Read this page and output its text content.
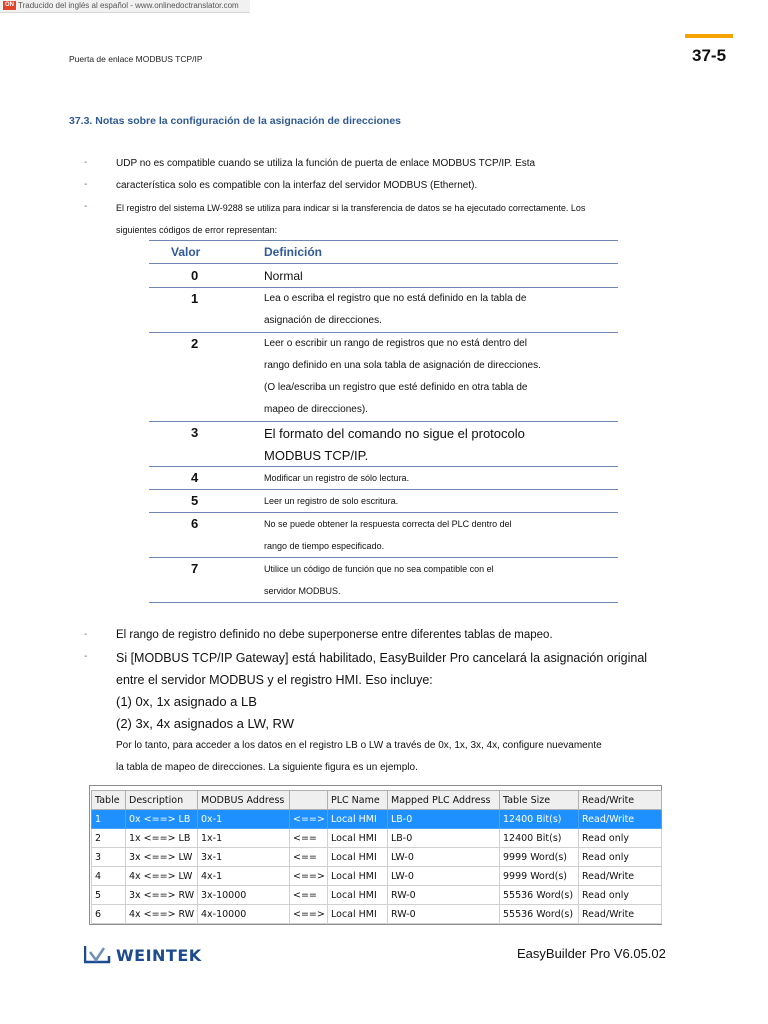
ON Traducido del inglés al español - www.onlinedoctranslator.com
Puerta de enlace MODBUS TCP/IP	37-5
37.3. Notas sobre la configuración de la asignación de direcciones
-	UDP no es compatible cuando se utiliza la función de puerta de enlace MODBUS TCP/IP. Esta
-	característica solo es compatible con la interfaz del servidor MODBUS (Ethernet).
-	El registro del sistema LW-9288 se utiliza para indicar si la transferencia de datos se ha ejecutado correctamente. Los
siguientes códigos de error representan:
Valor	Definición
0	Normal
1	Lea o escriba el registro que no está definido en la tabla de
asignación de direcciones.
2	Leer o escribir un rango de registros que no está dentro del
rango definido en una sola tabla de asignación de direcciones.
(O lea/escriba un registro que esté definido en otra tabla de
mapeo de direcciones).
3	El formato del comando no sigue el protocolo
MODBUS TCP/IP.
4	Modificar un registro de sólo lectura.
5	Leer un registro de solo escritura.
6	No se puede obtener la respuesta correcta del PLC dentro del
rango de tiempo especificado.
7	Utilice un código de función que no sea compatible con el
servidor MODBUS.
- El rango de registro definido no debe superponerse entre diferentes tablas de mapeo.
- Si [MODBUS TCP/IP Gateway] está habilitado, EasyBuilder Pro cancelará la asignación original
entre el servidor MODBUS y el registro HMI. Eso incluye:
(1) 0x, 1x asignado a LB
(2) 3x, 4x asignados a LW, RW
Por lo tanto, para acceder a los datos en el registro LB o LW a través de 0x, 1x, 3x, 4x, configure nuevamente
la tabla de mapeo de direcciones. La siguiente figura es un ejemplo.
Table	Description	MODBUS Address		PLC Name	Mapped PLC Address	Table Size	Read/Write
1	0x <==> LB	0x-1	<==>	Local HMI	LB-0	12400 Bit(s)	Read/Write
2	1x <==> LB	1x-1	<==	Local HMI	LB-0	12400 Bit(s)	Read only
3	3x <==> LW	3x-1	<==	Local HMI	LW-0	9999 Word(s)	Read only
4	4x <==> LW	4x-1	<==>	Local HMI	LW-0	9999 Word(s)	Read/Write
5	3x <==> RW	3x-10000	<==	Local HMI	RW-0	55536 Word(s)	Read only
6	4x <==> RW	4x-10000	<==>	Local HMI	RW-0	55536 Word(s)	Read/Write
WEINTEK	EasyBuilder Pro V6.05.02
